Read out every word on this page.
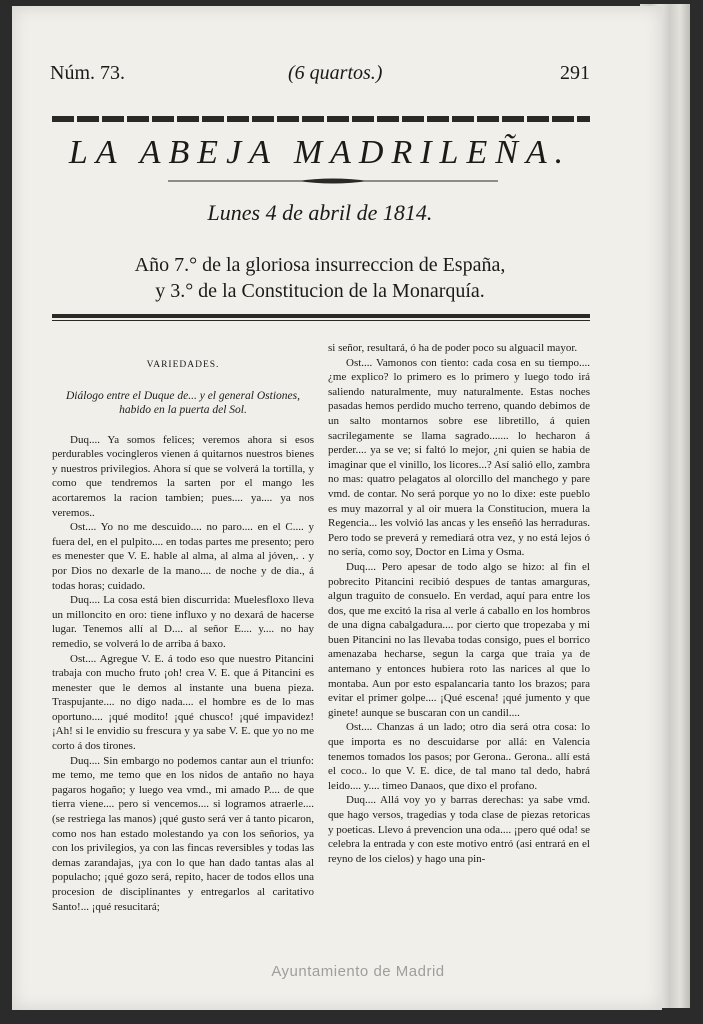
Núm. 73.	(6 quartos.)	291
LA ABEJA MADRILEÑA.
Lunes 4 de abril de 1814.
Año 7.° de la gloriosa insurreccion de España,
y 3.° de la Constitucion de la Monarquía.
VARIEDADES.
Diálogo entre el Duque de... y el general Ostiones, habido en la puerta del Sol.

Duq.... Ya somos felices; veremos ahora si esos perdurables vocingleros vienen á quitarnos nuestros bienes y nuestros privilegios. Ahora sí que se volverá la tortilla, y como que tendremos la sarten por el mango les acortaremos la racion tambien; pues.... ya.... ya nos veremos..

Ost.... Yo no me descuido.... no paro.... en el C.... y fuera del, en el pulpito.... en todas partes me presento; pero es menester que V. E. hable al alma, al alma al jóven,. . y por Dios no dexarle de la mano.... de noche y de dia., á todas horas; cuidado.

Duq.... La cosa está bien discurrida: Muelesfloxo lleva un milloncito en oro: tiene influxo y no dexará de hacerse lugar. Tenemos allí al D.... al señor E.... y.... no hay remedio, se volverá lo de arriba á baxo.

Ost.... Agregue V. E. á todo eso que nuestro Pitancini trabaja con mucho fruto ¡oh! crea V. E. que á Pitancini es menester que le demos al instante una buena pieza. Traspujante.... no digo nada.... el hombre es de lo mas oportuno.... ¡qué modito! ¡qué chusco! ¡qué impavidez! ¡Ah! si le envidio su frescura y ya sabe V. E. que yo no me corto á dos tirones.

Duq.... Sin embargo no podemos cantar aun el triunfo: me temo, me temo que en los nidos de antaño no haya pagaros hogaño; y luego vea vmd., mi amado P.... de que tierra viene.... pero si vencemos.... si logramos atraerle.... (se restriega las manos) ¡qué gusto será ver á tanto picaron, como nos han estado molestando ya con los señorios, ya con los privilegios, ya con las fincas reversibles y todas las demas zarandajas, ¡ya con lo que han dado tantas alas al populacho; ¡qué gozo será, repito, hacer de todos ellos una procesion de disciplinantes y entregarlos al caritativo Santo!... ¡qué resucitará;

si señor, resultará, ó ha de poder poco su alguacil mayor.

Ost.... Vamonos con tiento: cada cosa en su tiempo.... ¿me explico? lo primero es lo primero y luego todo irá saliendo naturalmente, muy naturalmente. Estas noches pasadas hemos perdido mucho terreno, quando debimos de un salto montarnos sobre ese libretillo, á quien sacrilegamente se llama sagrado....... lo hecharon á perder.... ya se ve; si faltó lo mejor, ¿ni quien se habia de imaginar que el vinillo, los licores...? Así salió ello, zambra no mas: quatro pelagatos al olorcillo del manchego y pare vmd. de contar. No será porque yo no lo dixe: este pueblo es muy mazorral y al oir muera la Constitucion, muera la Regencia... les volvió las ancas y les enseñó las herraduras. Pero todo se preverá y remediará otra vez, y no está lejos ó no sería, como soy, Doctor en Lima y Osma.

Duq.... Pero apesar de todo algo se hizo: al fin el pobrecito Pitancini recibió despues de tantas amarguras, algun traguito de consuelo. En verdad, aquí para entre los dos, que me excitó la risa al verle á caballo en los hombros de una digna cabalgadura.... por cierto que tropezaba y mi buen Pitancini no las llevaba todas consigo, pues el borrico amenazaba hecharse, segun la carga que traia ya de antemano y entonces hubiera roto las narices al que lo montaba. Aun por esto espalancaria tanto los brazos; para evitar el primer golpe.... ¡Qué escena! ¡qué jumento y que ginete! aunque se buscaran con un candil....

Ost.... Chanzas á un lado; otro dia será otra cosa: lo que importa es no descuidarse por allá: en Valencia tenemos tomados los pasos; por Gerona.. Gerona.. allí está el coco.. lo que V. E. dice, de tal mano tal dedo, habrá leido.... y.... timeo Danaos, que dixo el profano.

Duq.... Allá voy yo y barras derechas: ya sabe vmd. que hago versos, tragedias y toda clase de piezas retoricas y poeticas. Llevo á prevencion una oda.... ¡pero qué oda! se celebra la entrada y con este motivo entró (asi entrará en el reyno de los cielos) y hago una pin-

Ayuntamiento de Madrid
